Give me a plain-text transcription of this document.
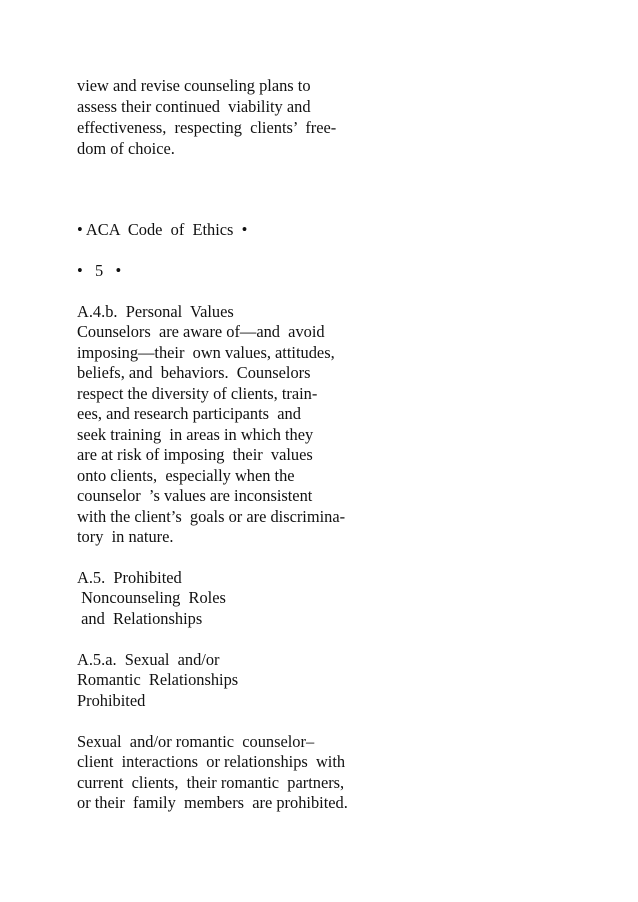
view and revise counseling plans to

assess their continued  viability and

effectiveness,  respecting  clients’  free-

dom of choice.

• ACA  Code  of  Ethics  •

•   5   •

A.4.b.  Personal  Values

Counselors  are aware of—and  avoid

imposing—their  own values, attitudes,

beliefs, and  behaviors.  Counselors

respect the diversity of clients, train-

ees, and research participants  and

seek training  in areas in which they

are at risk of imposing  their  values

onto clients,  especially when the

counselor  ’s values are inconsistent

with the client’s  goals or are discrimina-

tory  in nature.

A.5.  Prohibited

Noncounseling  Roles

and  Relationships

A.5.a.  Sexual  and/or

Romantic  Relationships

Prohibited

Sexual  and/or romantic  counselor–

client  interactions  or relationships  with

current  clients,  their romantic  partners,

or their  family  members  are prohibited.
